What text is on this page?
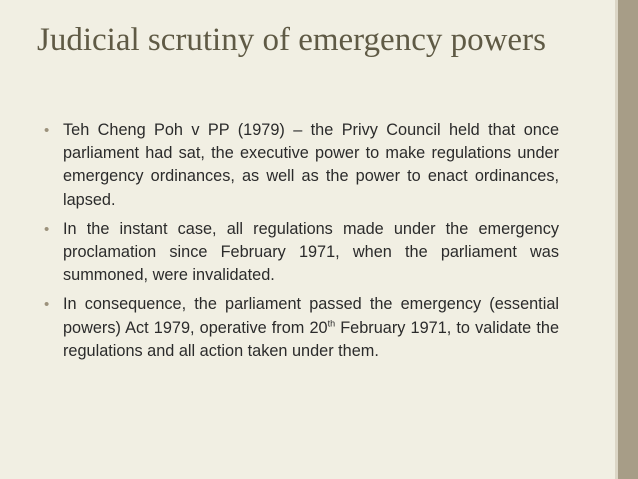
Judicial scrutiny of emergency powers
• Teh Cheng Poh v PP (1979) – the Privy Council held that once parliament had sat, the executive power to make regulations under emergency ordinances, as well as the power to enact ordinances, lapsed.
• In the instant case, all regulations made under the emergency proclamation since February 1971, when the parliament was summoned, were invalidated.
• In consequence, the parliament passed the emergency (essential powers) Act 1979, operative from 20th February 1971, to validate the regulations and all action taken under them.
